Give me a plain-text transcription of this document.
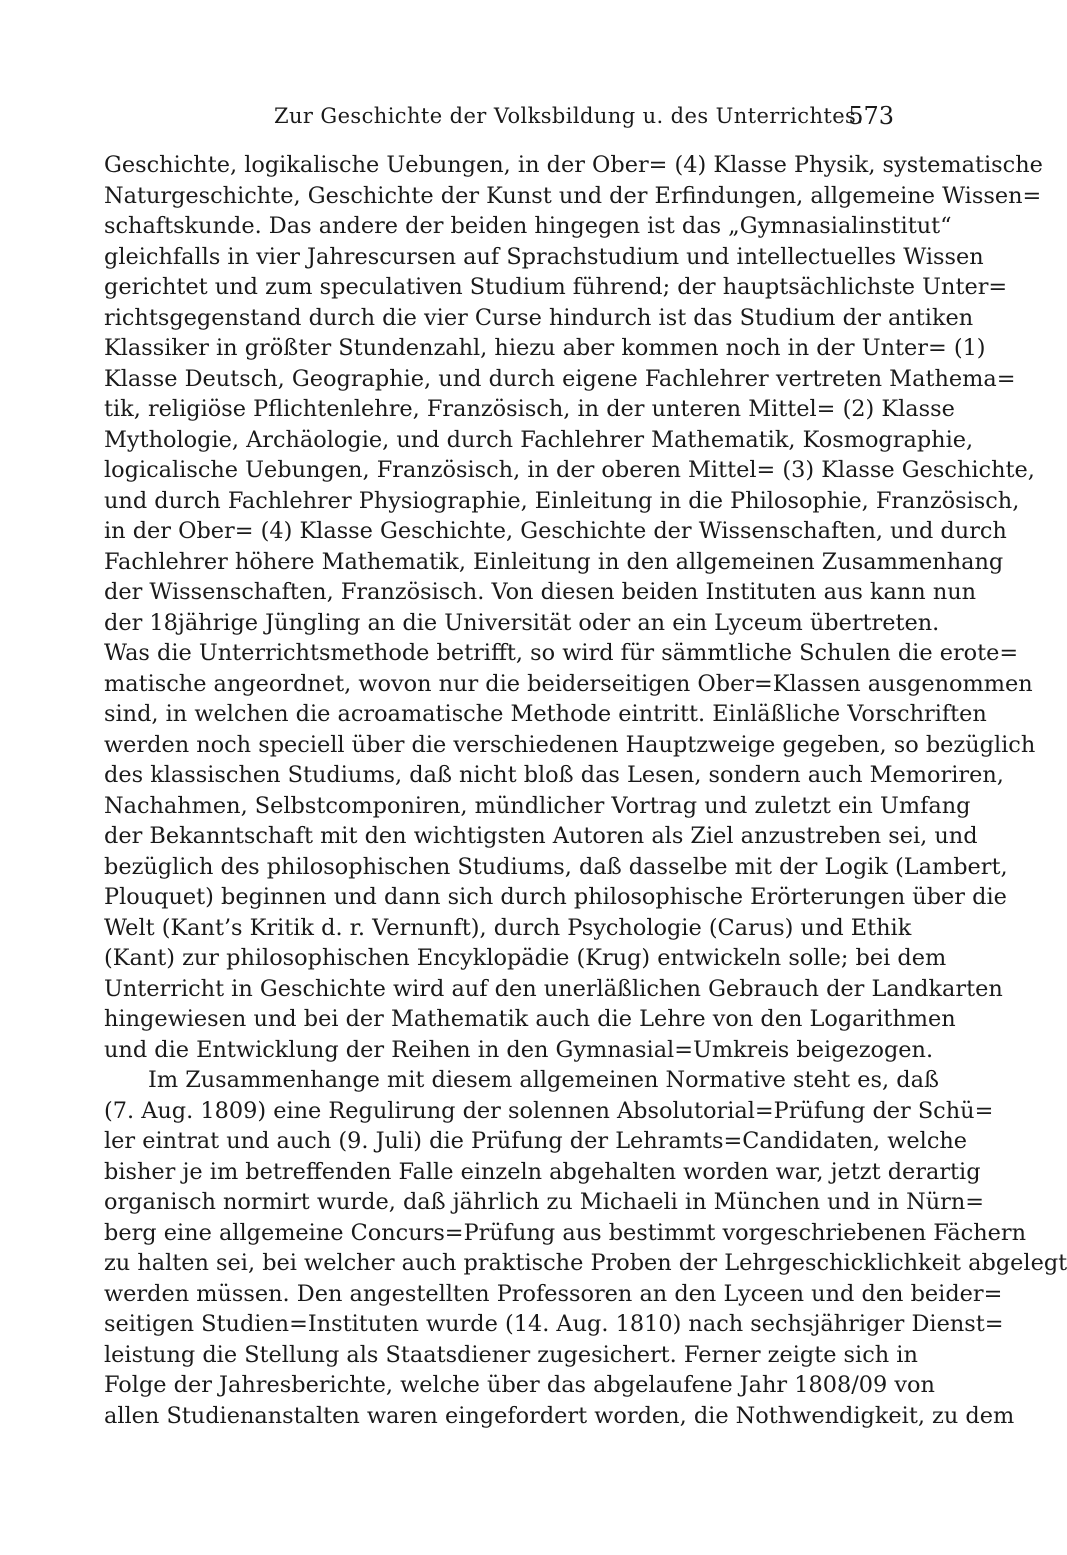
Zur Geschichte der Volksbildung u. des Unterrichtes.
573
Geschichte, logikalische Uebungen, in der Ober= (4) Klasse Physik, systematische
Naturgeschichte, Geschichte der Kunst und der Erfindungen, allgemeine Wissen=
schaftskunde. Das andere der beiden hingegen ist das „Gymnasialinstitut“
gleichfalls in vier Jahrescursen auf Sprachstudium und intellectuelles Wissen
gerichtet und zum speculativen Studium führend; der hauptsächlichste Unter=
richtsgegenstand durch die vier Curse hindurch ist das Studium der antiken
Klassiker in größter Stundenzahl, hiezu aber kommen noch in der Unter= (1)
Klasse Deutsch, Geographie, und durch eigene Fachlehrer vertreten Mathema=
tik, religiöse Pflichtenlehre, Französisch, in der unteren Mittel= (2) Klasse
Mythologie, Archäologie, und durch Fachlehrer Mathematik, Kosmographie,
logicalische Uebungen, Französisch, in der oberen Mittel= (3) Klasse Geschichte,
und durch Fachlehrer Physiographie, Einleitung in die Philosophie, Französisch,
in der Ober= (4) Klasse Geschichte, Geschichte der Wissenschaften, und durch
Fachlehrer höhere Mathematik, Einleitung in den allgemeinen Zusammenhang
der Wissenschaften, Französisch. Von diesen beiden Instituten aus kann nun
der 18jährige Jüngling an die Universität oder an ein Lyceum übertreten.
Was die Unterrichtsmethode betrifft, so wird für sämmtliche Schulen die erote=
matische angeordnet, wovon nur die beiderseitigen Ober=Klassen ausgenommen
sind, in welchen die acroamatische Methode eintritt. Einläßliche Vorschriften
werden noch speciell über die verschiedenen Hauptzweige gegeben, so bezüglich
des klassischen Studiums, daß nicht bloß das Lesen, sondern auch Memoriren,
Nachahmen, Selbstcomponiren, mündlicher Vortrag und zuletzt ein Umfang
der Bekanntschaft mit den wichtigsten Autoren als Ziel anzustreben sei, und
bezüglich des philosophischen Studiums, daß dasselbe mit der Logik (Lambert,
Plouquet) beginnen und dann sich durch philosophische Erörterungen über die
Welt (Kant’s Kritik d. r. Vernunft), durch Psychologie (Carus) und Ethik
(Kant) zur philosophischen Encyklopädie (Krug) entwickeln solle; bei dem
Unterricht in Geschichte wird auf den unerläßlichen Gebrauch der Landkarten
hingewiesen und bei der Mathematik auch die Lehre von den Logarithmen
und die Entwicklung der Reihen in den Gymnasial=Umkreis beigezogen.
Im Zusammenhange mit diesem allgemeinen Normative steht es, daß
(7. Aug. 1809) eine Regulirung der solennen Absolutorial=Prüfung der Schü=
ler eintrat und auch (9. Juli) die Prüfung der Lehramts=Candidaten, welche
bisher je im betreffenden Falle einzeln abgehalten worden war, jetzt derartig
organisch normirt wurde, daß jährlich zu Michaeli in München und in Nürn=
berg eine allgemeine Concurs=Prüfung aus bestimmt vorgeschriebenen Fächern
zu halten sei, bei welcher auch praktische Proben der Lehrgeschicklichkeit abgelegt
werden müssen. Den angestellten Professoren an den Lyceen und den beider=
seitigen Studien=Instituten wurde (14. Aug. 1810) nach sechsjähriger Dienst=
leistung die Stellung als Staatsdiener zugesichert. Ferner zeigte sich in
Folge der Jahresberichte, welche über das abgelaufene Jahr 1808/09 von
allen Studienanstalten waren eingefordert worden, die Nothwendigkeit, zu dem
